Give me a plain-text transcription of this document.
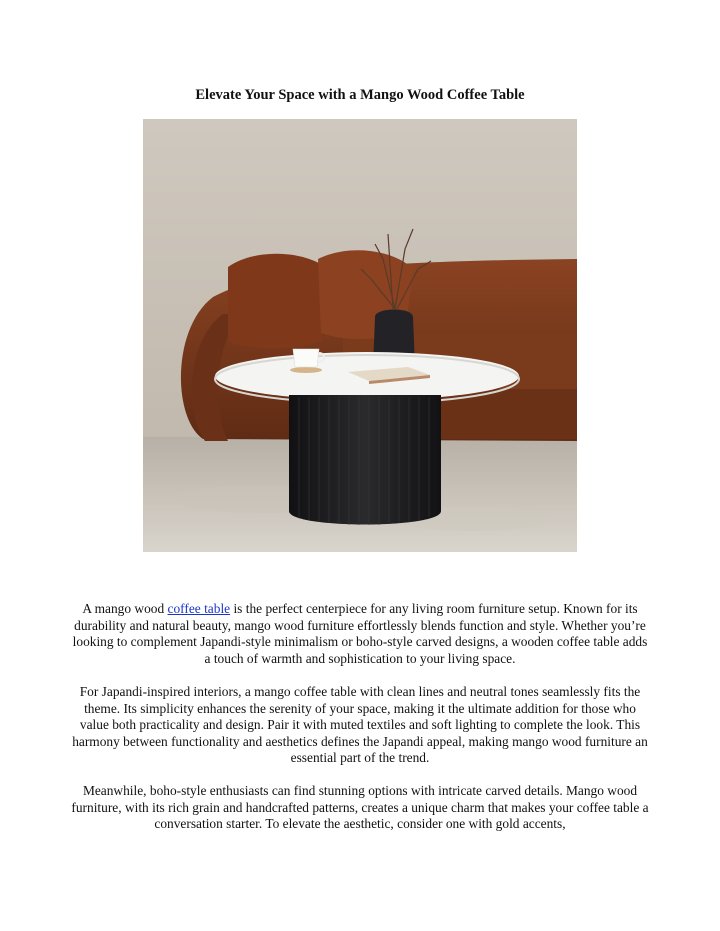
Elevate Your Space with a Mango Wood Coffee Table
A mango wood coffee table is the perfect centerpiece for any living room furniture setup. Known for its durability and natural beauty, mango wood furniture effortlessly blends function and style. Whether you’re looking to complement Japandi-style minimalism or boho-style carved designs, a wooden coffee table adds a touch of warmth and sophistication to your living space.
For Japandi-inspired interiors, a mango coffee table with clean lines and neutral tones seamlessly fits the theme. Its simplicity enhances the serenity of your space, making it the ultimate addition for those who value both practicality and design. Pair it with muted textiles and soft lighting to complete the look. This harmony between functionality and aesthetics defines the Japandi appeal, making mango wood furniture an essential part of the trend.
Meanwhile, boho-style enthusiasts can find stunning options with intricate carved details. Mango wood furniture, with its rich grain and handcrafted patterns, creates a unique charm that makes your coffee table a conversation starter. To elevate the aesthetic, consider one with gold accents,
